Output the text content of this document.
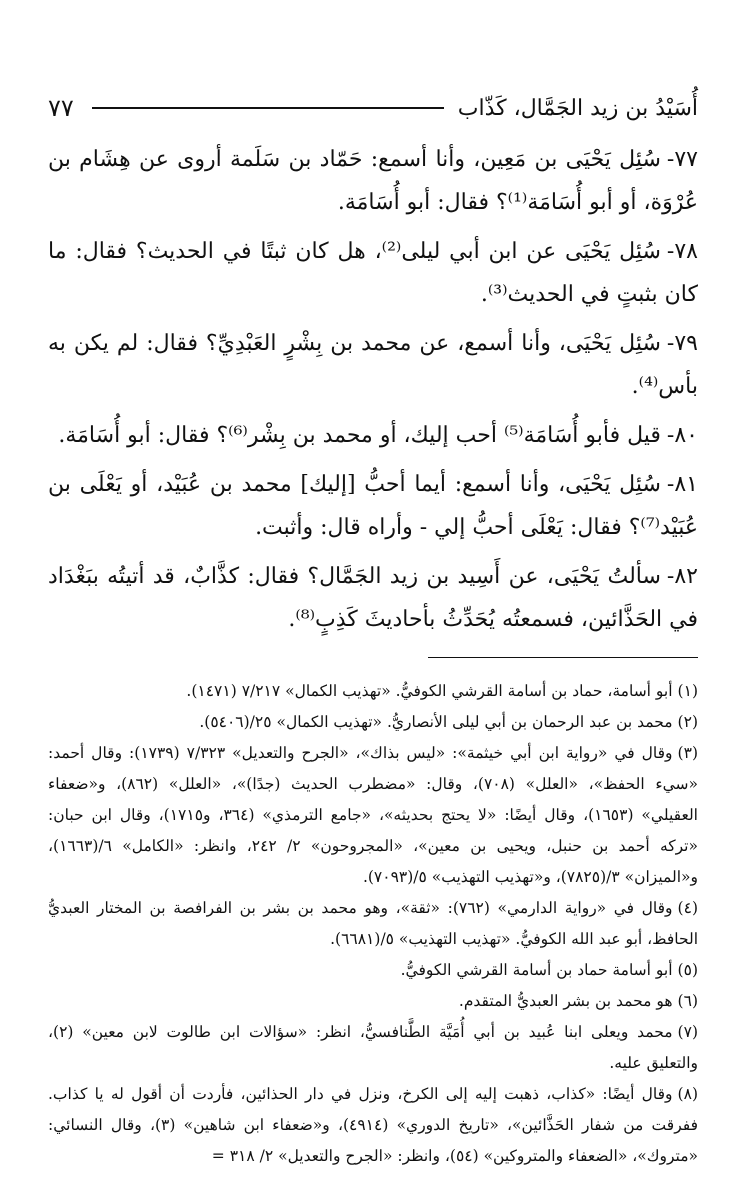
أُسَيْدُ بن زيد الجَمَّال، كَذّاب
٧٧

٧٧-سُئِل يَحْيَى بن مَعِين، وأنا أسمع: حَمّاد بن سَلَمة أروى عن هِشَام بن عُرْوَة، أو أبو أُسَامَة⁽¹⁾؟ فقال: أبو أُسَامَة.

٧٨-سُئِل يَحْيَى عن ابن أبي ليلى⁽²⁾، هل كان ثبتًا في الحديث؟ فقال: ما كان بثبتٍ في الحديث⁽³⁾.

٧٩-سُئِل يَحْيَى، وأنا أسمع، عن محمد بن بِشْرٍ العَبْدِيِّ؟ فقال: لم يكن به بأس⁽⁴⁾.

٨٠-قيل فأبو أُسَامَة⁽⁵⁾ أحب إليك، أو محمد بن بِشْر⁽⁶⁾؟ فقال: أبو أُسَامَة.

٨١-سُئِل يَحْيَى، وأنا أسمع: أيما أحبُّ [إليك] محمد بن عُبَيْد، أو يَعْلَى بن عُبَيْد⁽⁷⁾؟ فقال: يَعْلَى أحبُّ إلي - وأراه قال: وأثبت.

٨٢-سألتُ يَحْيَى، عن أَسِيد بن زيد الجَمَّال؟ فقال: كذَّابٌ، قد أتيتُه ببَغْدَاد في الحَذَّائين، فسمعتُه يُحَدِّثُ بأحاديثَ كَذِبٍ⁽⁸⁾.

(١)أبو أسامة، حماد بن أسامة القرشي الكوفيُّ. «تهذيب الكمال» ٧/٢١٧ (١٤٧١).

(٢)محمد بن عبد الرحمان بن أبي ليلى الأنصاريُّ. «تهذيب الكمال» ٢٥/(٥٤٠٦).

(٣)وقال في «رواية ابن أبي خيثمة»: «ليس بذاك»، «الجرح والتعديل» ٧/٣٢٣ (١٧٣٩): وقال أحمد: «سيء الحفظ»، «العلل» (٧٠٨)، وقال: «مضطرب الحديث (جدًا)»، «العلل» (٨٦٢)، و«ضعفاء العقيلي» (١٦٥٣)، وقال أيضًا: «لا يحتج بحديثه»، «جامع الترمذي» (٣٦٤، و١٧١٥)، وقال ابن حبان: «تركه أحمد بن حنبل، ويحيى بن معين»، «المجروحون» ٢/ ٢٤٢، وانظر: «الكامل» ٦/(١٦٦٣)، و«الميزان» ٣/(٧٨٢٥)، و«تهذيب التهذيب» ٥/(٧٠٩٣).

(٤)وقال في «رواية الدارمي» (٧٦٢): «ثقة»، وهو محمد بن بشر بن الفرافصة بن المختار العبديُّ الحافظ، أبو عبد الله الكوفيُّ. «تهذيب التهذيب» ٥/(٦٦٨١).

(٥)أبو أسامة حماد بن أسامة القرشي الكوفيُّ.

(٦)هو محمد بن بشر العبديُّ المتقدم.

(٧)محمد ويعلى ابنا عُبيد بن أبي أُمَيَّة الطَّنافسيُّ، انظر: «سؤالات ابن طالوت لابن معين» (٢)، والتعليق عليه.

(٨)وقال أيضًا: «كذاب، ذهبت إليه إلى الكرخ، ونزل في دار الحذائين، فأردت أن أقول له يا كذاب. ففرقت من شفار الحَذَّائين»، «تاريخ الدوري» (٤٩١٤)، و«ضعفاء ابن شاهين» (٣)، وقال النسائي: «متروك»، «الضعفاء والمتروكين» (٥٤)، وانظر: «الجرح والتعديل» ٢/ ٣١٨ =
